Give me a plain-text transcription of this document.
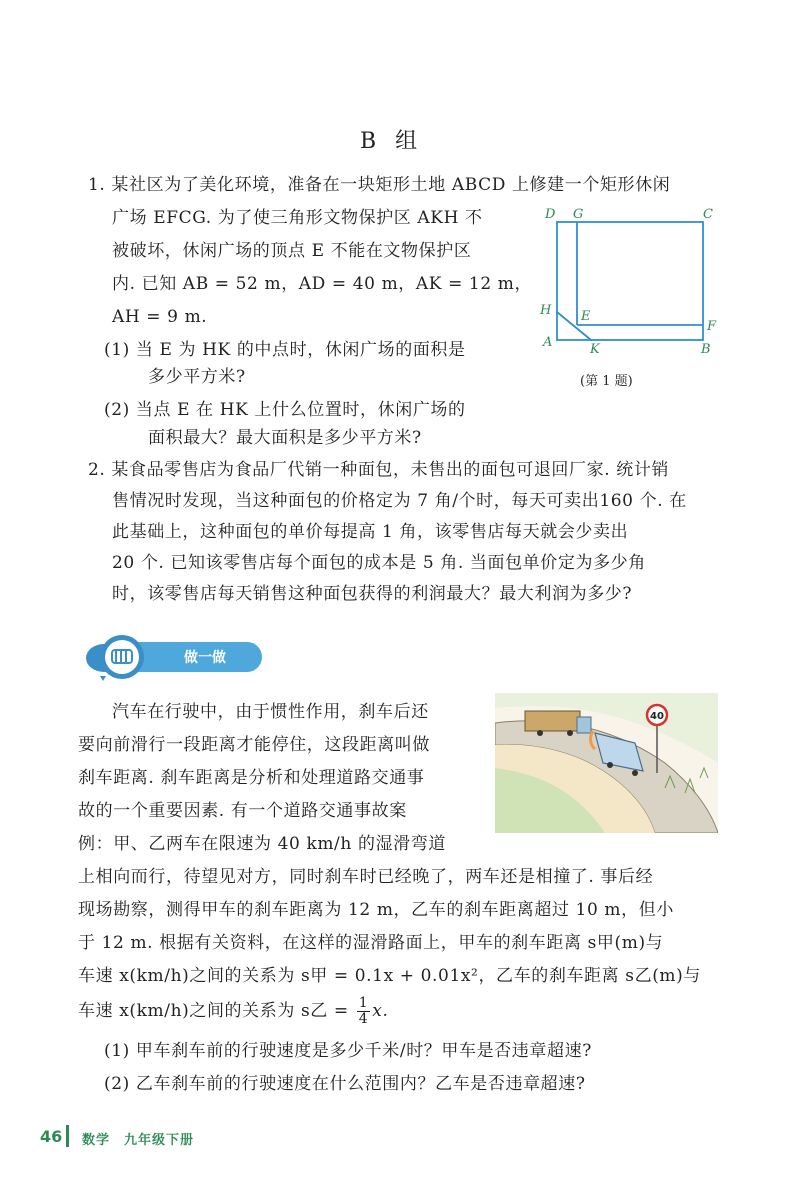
B 组
1. 某社区为了美化环境，准备在一块矩形土地 ABCD 上修建一个矩形休闲
广场 EFCG. 为了使三角形文物保护区 AKH 不
被破坏，休闲广场的顶点 E 不能在文物保护区
内. 已知 AB = 52 m，AD = 40 m，AK = 12 m，
AH = 9 m.
(1) 当 E 为 HK 的中点时，休闲广场的面积是
多少平方米?
(2) 当点 E 在 HK 上什么位置时，休闲广场的
面积最大？最大面积是多少平方米?
D G	C
H E
F
A	K	B
(第 1 题)
2. 某食品零售店为食品厂代销一种面包，未售出的面包可退回厂家. 统计销
售情况时发现，当这种面包的价格定为 7 角/个时，每天可卖出160 个. 在
此基础上，这种面包的单价每提高 1 角，该零售店每天就会少卖出
20 个. 已知该零售店每个面包的成本是 5 角. 当面包单价定为多少角
时，该零售店每天销售这种面包获得的利润最大？最大利润为多少?
做一做
40
汽车在行驶中，由于惯性作用，刹车后还
要向前滑行一段距离才能停住，这段距离叫做
刹车距离. 刹车距离是分析和处理道路交通事
故的一个重要因素. 有一个道路交通事故案
例：甲、乙两车在限速为 40 km/h 的湿滑弯道
上相向而行，待望见对方，同时刹车时已经晚了，两车还是相撞了. 事后经
现场勘察，测得甲车的刹车距离为 12 m，乙车的刹车距离超过 10 m，但小
于 12 m. 根据有关资料，在这样的湿滑路面上，甲车的刹车距离 s甲(m)与
车速 x(km/h)之间的关系为 s甲 = 0.1x + 0.01x²，乙车的刹车距离 s乙(m)与
车速 x(km/h)之间的关系为 s乙 = $\frac{1}{4} x$.
(1) 甲车刹车前的行驶速度是多少千米/时？甲车是否违章超速?
(2) 乙车刹车前的行驶速度在什么范围内？乙车是否违章超速?
46 数学　九年级下册
